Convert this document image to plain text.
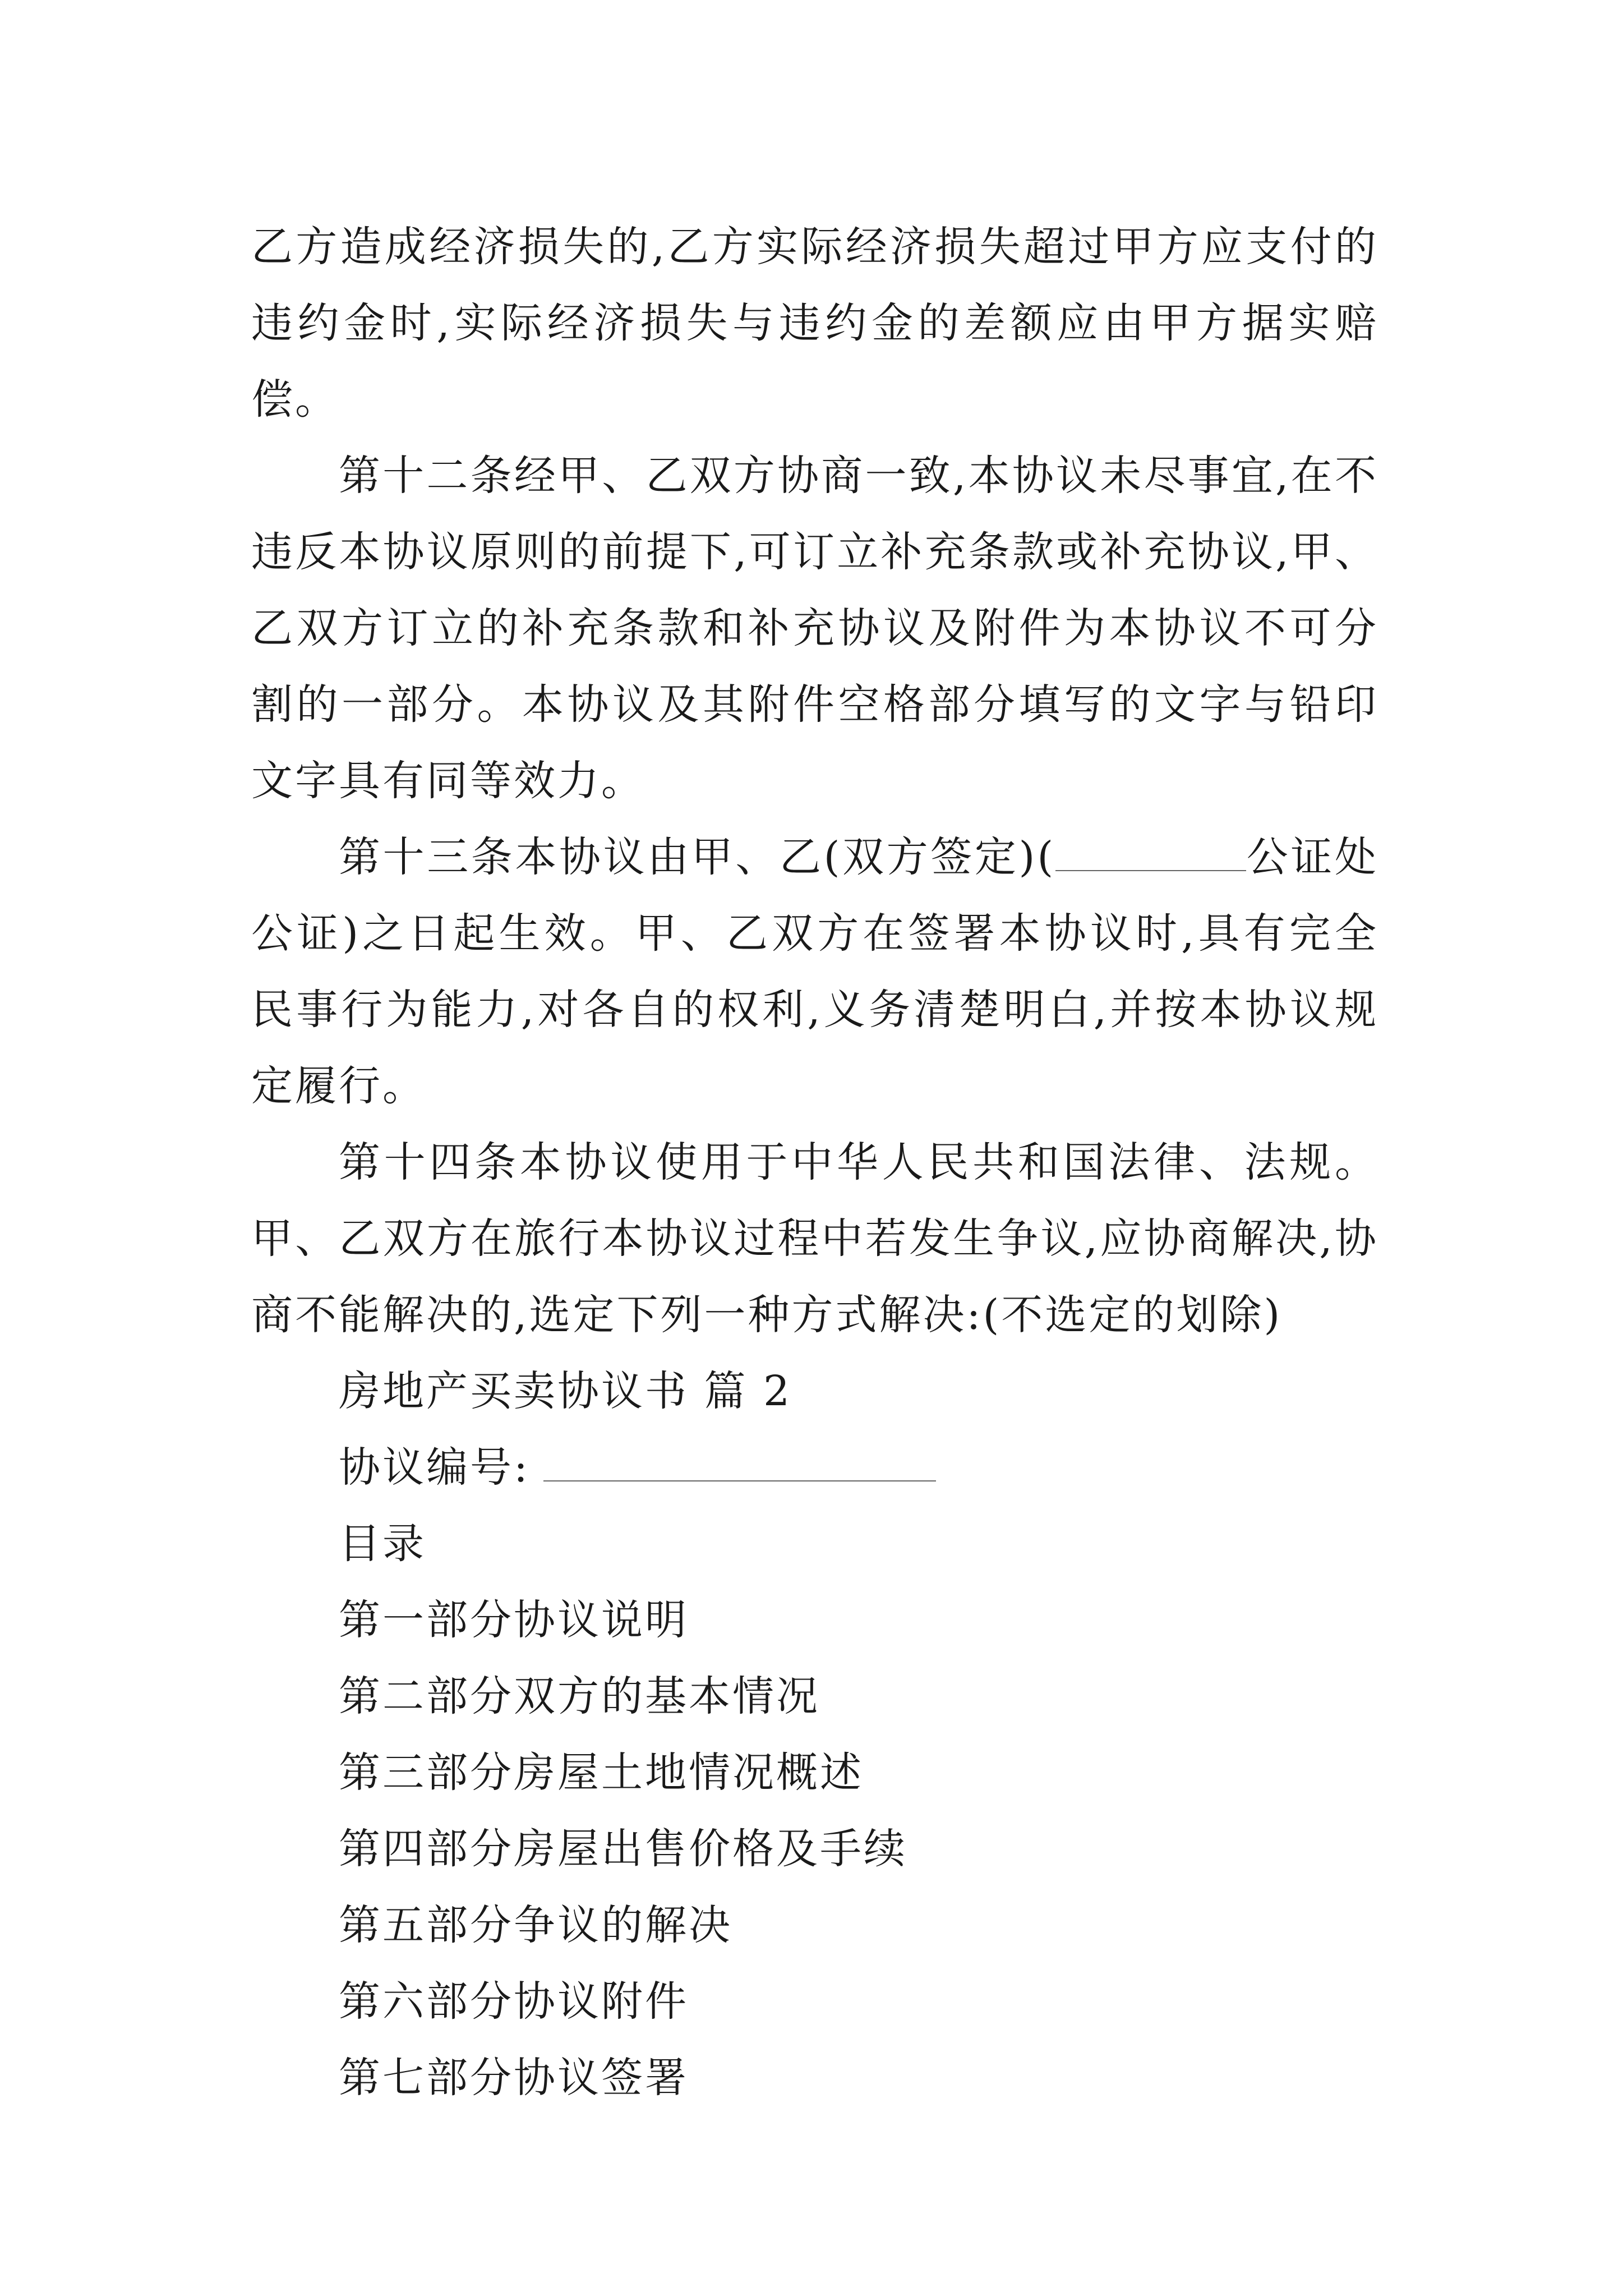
乙方造成经济损失的,乙方实际经济损失超过甲方应支付的违约金时,实际经济损失与违约金的差额应由甲方据实赔偿。

第十二条经甲、乙双方协商一致,本协议未尽事宜,在不违反本协议原则的前提下,可订立补充条款或补充协议,甲、乙双方订立的补充条款和补充协议及附件为本协议不可分割的一部分。本协议及其附件空格部分填写的文字与铅印文字具有同等效力。

第十三条本协议由甲、乙(双方签定)(	公证处公证)之日起生效。甲、乙双方在签署本协议时,具有完全民事行为能力,对各自的权利,义务清楚明白,并按本协议规定履行。

第十四条本协议使用于中华人民共和国法律、法规。甲、乙双方在旅行本协议过程中若发生争议,应协商解决,协商不能解决的,选定下列一种方式解决:(不选定的划除)

房地产买卖协议书 篇 2

协议编号:

目录

第一部分协议说明

第二部分双方的基本情况

第三部分房屋土地情况概述

第四部分房屋出售价格及手续

第五部分争议的解决

第六部分协议附件

第七部分协议签署
